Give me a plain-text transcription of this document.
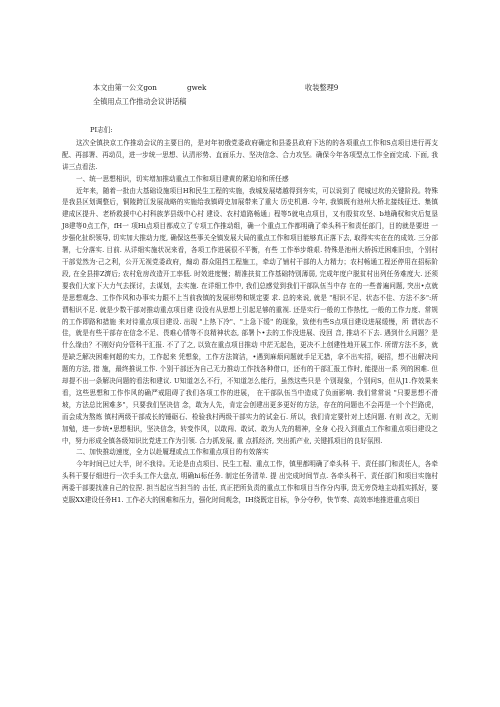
本文由第一公文gon	gwek	收装整理9
全镇用点工作推动会议讲话稿

PI志们:

这次全镇抉京工作推动会议的主要目的，是对年初俄党委政府确定和县委县政府下达的的各项重点工作和S点项目进行再支配、再部署、再动员，进一步统一思想、认清形势、直面乐力、坚决信念、合力攻坚。确保今年各项型点工作全面完成. 下面, 我讲三点看法.

一、统一思想相识，切实增加推动重点工作和项目建黄的紧迫培和所任感

近年来，随着一批由大基础设施项目H和民生工程的实施，我城发展堵越得到夯实，可以说到了 爬城过坎的关键阶段。特殊是我县区划调整后，铜陵跨江发展战略的实施给我镇碍史加展带来了重大 历史机遇. 今年, 我镇既有池州大桥北接线征迁、集镇建成区提升、老桥救援中心村科族茅县级中心村 建设、农村道路畅通」程等5就电点项目，又有殷贫攻坚、b地确权和灾后复垦J8建等0点工作，fH一 项Hi点项目都成立了专项工作推动组，确一个重点工作都明确了牵头科干和责任部门，目的就是要进 一步强化扯织领导, 切实加大推动力度, 确保这些事关全镇发展大局的重点工作和项目能够真正落下去, 取得实实在在的成效. 三分部署，七分落实. 目前. 从详细实施状况来看，各项工作进展很不平衡，有些 工作举步维艰. 特殊是池州大桥拆迁困难旧虫，个别村干部觉然为·己之利，公开无视党委政府，煽动 群众阻挡工程施工，牵动了铺村干部的人力精力；农村畅通工程还停用在招标阶段, 在全县排Z濟后; 农村危房改造开工率低. 时效进度慢；精准扶贫工作基础特别薄弱, 完成年度户脱贫村出列任务难度大. 还须要我们大家下大力气去探讨，去谋划，去实施. 在详细工作中, 我们总感觉到我们干部队伍当中存 在的一些普遍问题, 突出•点就是思想观念、工作作风和办事实力跟不上当前我镇的发展形势和规定要 求. 总的来说, 就是 "相识不足、状态不佳、方法不多":所谓相识不足. 就是少数干部对推动重点项目建 设没有从思想上引起足够的重视. 还是实行一般的工作热忱, 一般的工作力度、常规的工作即路和措施 来对待重点项目建设. 出现 "上热下冷"、"上急下缓" 的现象，致使有些S点项目建设进展缓慢，所 谓状态不佳，就是有些干部存在信念不足、畏难心情等不良精神状态, 部署卜•去的工作没进展、没回 音, 推动不下去. 遇到什么问题？是什么缘由？不刚好向分管科干汇报. 不了了之, 以致在重点项目推动 中茫无起色，更决不上创建性地开展工作. 所谓方法不多，就是缺乏解决困难何超的实力，工作起来 凭想象，工作方法简洁，•遇到麻烦问题就手足无措，拿不出实招，硬招，想不出解决问题的方法, 措 施，最终推说工作. 个别干部还为自己无力推动工作找各种借口，还有的干部汇报工作时, 能提出一系 列的困难. 但却提不出一条解决问题的看法和建议. U知道怎么不行，不知道怎么能行，虽然这些只是 个别现象，个别问S，但从J1.作效果来看，这些思想和工作作风的确严戒阻碍了我们各项工作的进展， 在干部队伍当中造成了负面影响. 我们常常说 "只要思想不滑坡，方法总比困难多"，只要我们坚决信 念，敢为人先，肯定会创建出更多更好的方法，存在的问题也不会再是一个个拦路虎，而会成为熬炼 镇村两级干部成长的锤砺石、检验我村两级干部实力的试金石. 所以，我们肯定要针对上述问题. 有则 改之，无则加勉，进一步统•思想相识，坚决信念，转变作风，以敢闯、敢试、敢为人先的精神，全身 心投入到重点工作和重点项目建设之中，努力形成全镇各级知识比党进工作为引领. 合力抓发展, 重 点抓经济, 突出抓产业, 关键抓项目的良好氛围.

二、加快推动速度，全力以赴履理或点工作和重点项目的有效落实

今年时间已过大半，时不我待。无论是由点项目、民生工程、重点工作，镇里都明确了牵头科 干、责任部门和责任人，各牵头科干要仔细进行一次手头工作大盘点, 明确hi标任务. 制定任务清单. 提 出完成时间节点. 各牵头科干、责任部门和项目实施村两委干部要找准自己的位捏. 担当起应当担当的 击任, 真正把所负责的重点工作和项目当作分内事, 贵无旁贷地主动抓实抓好，要克服XX建设任务H1. 工作必大的困难和压力，强化时间观念，IH绕既定目标，争分夺秒，快节奏、高效率地推进重点项目
